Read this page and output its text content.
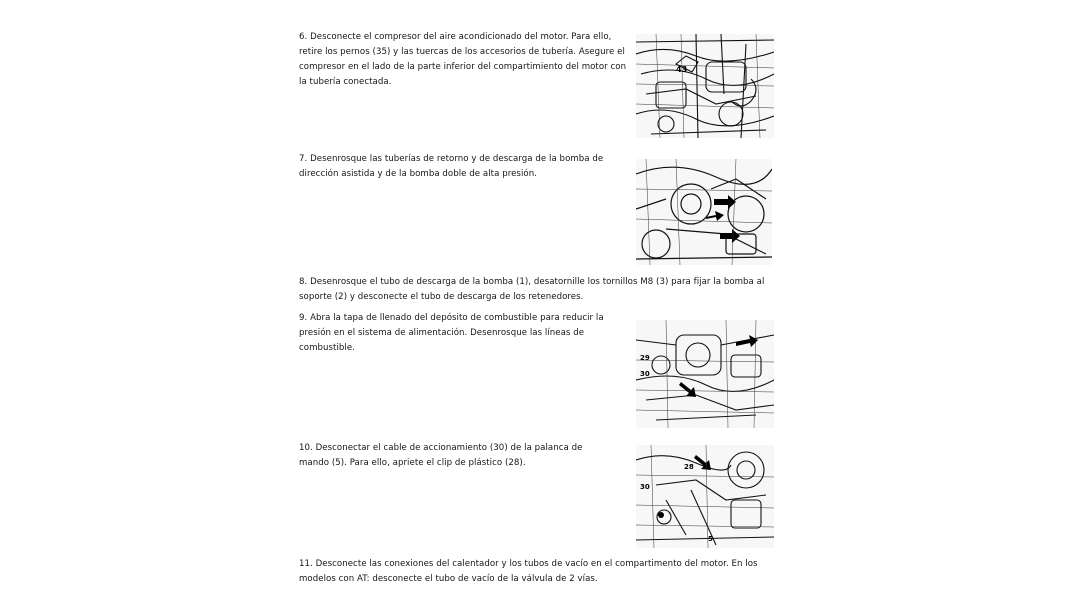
6. Desconecte el compresor del aire acondicionado del motor. Para ello, retire los pernos (35) y las tuercas de los accesorios de tubería. Asegure el compresor en el lado de la parte inferior del compartimiento del motor con la tubería conectada.

43

7. Desenrosque las tuberías de retorno y de descarga de la bomba de dirección asistida y de la bomba doble de alta presión.

8. Desenrosque el tubo de descarga de la bomba (1), desatornille los tornillos M8 (3) para fijar la bomba al soporte (2) y desconecte el tubo de descarga de los retenedores.

9. Abra la tapa de llenado del depósito de combustible para reducir la presión en el sistema de alimentación. Desenrosque las líneas de combustible.

29
30

10. Desconectar el cable de accionamiento (30) de la palanca de mando (5). Para ello, apriete el clip de plástico (28).	28
30
5

11. Desconecte las conexiones del calentador y los tubos de vacío en el compartimento del motor. En los modelos con AT: desconecte el tubo de vacío de la válvula de 2 vías.
